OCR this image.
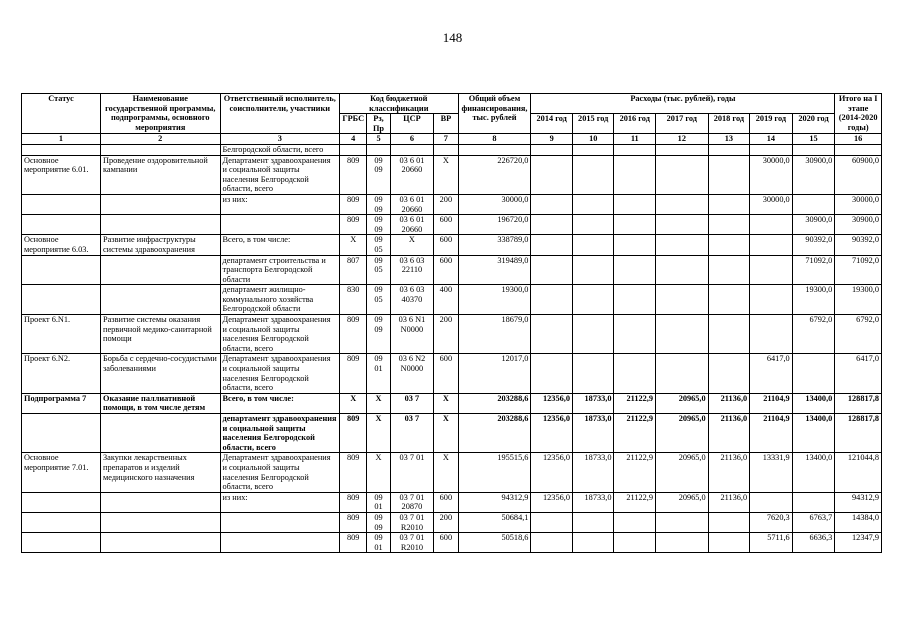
148
Статус	Наименование государственной программы, подпрограммы, основного мероприятия	Ответственный исполнитель, соисполнители, участники	Код бюджетной классификации				Общий объем финансирования, тыс. рублей	Расходы (тыс. рублей), годы							Итого на I этапе (2014-2020 годы)
			ГРБС	Рз, Пр	ЦСР	ВР		2014 год	2015 год	2016 год	2017 год	2018 год	2019 год	2020 год	
1	2	3	4	5	6	7	8	9	10	11	12	13	14	15	16
		Белгородской области, всего													
Основное мероприятие 6.01.	Проведение оздоровительной кампании	Департамент здравоохранения и социальной защиты населения Белгородской области, всего	809	09 09	03 6 01 20660	Х	226720,0						30000,0	30900,0	60900,0
		из них:	809	09 09	03 6 01 20660	200	30000,0						30000,0		30000,0
			809	09 09	03 6 01 20660	600	196720,0							30900,0	30900,0
Основное мероприятие 6.03.	Развитие инфраструктуры системы здравоохранения	Всего, в том числе:	Х	09 05	Х	600	338789,0							90392,0	90392,0
		департамент строительства и транспорта Белгородской области	807	09 05	03 6 03 22110	600	319489,0							71092,0	71092,0
		департамент жилищно-коммунального хозяйства Белгородской области	830	09 05	03 6 03 40370	400	19300,0							19300,0	19300,0
Проект 6.N1.	Развитие системы оказания первичной медико-санитарной помощи	Департамент здравоохранения и социальной защиты населения Белгородской области, всего	809	09 09	03 6 N1 N0000	200	18679,0							6792,0	6792,0
Проект 6.N2.	Борьба с сердечно-сосудистыми заболеваниями	Департамент здравоохранения и социальной защиты населения Белгородской области, всего	809	09 01	03 6 N2 N0000	600	12017,0						6417,0		6417,0
Подпрограмма 7	Оказание паллиативной помощи, в том числе детям	Всего, в том числе:	Х	Х	03 7	Х	203288,6	12356,0	18733,0	21122,9	20965,0	21136,0	21104,9	13400,0	128817,8
		департамент здравоохранения и социальной защиты населения Белгородской области, всего	809	Х	03 7	Х	203288,6	12356,0	18733,0	21122,9	20965,0	21136,0	21104,9	13400,0	128817,8
Основное мероприятие 7.01.	Закупки лекарственных препаратов и изделий медицинского назначения	Департамент здравоохранения и социальной защиты населения Белгородской области, всего	809	Х	03 7 01	Х	195515,6	12356,0	18733,0	21122,9	20965,0	21136,0	13331,9	13400,0	121044,8
		из них:	809	09 01	03 7 01 20870	600	94312,9	12356,0	18733,0	21122,9	20965,0	21136,0			94312,9
			809	09 09	03 7 01 R2010	200	50684,1						7620,3	6763,7	14384,0
			809	09 01	03 7 01 R2010	600	50518,6						5711,6	6636,3	12347,9
